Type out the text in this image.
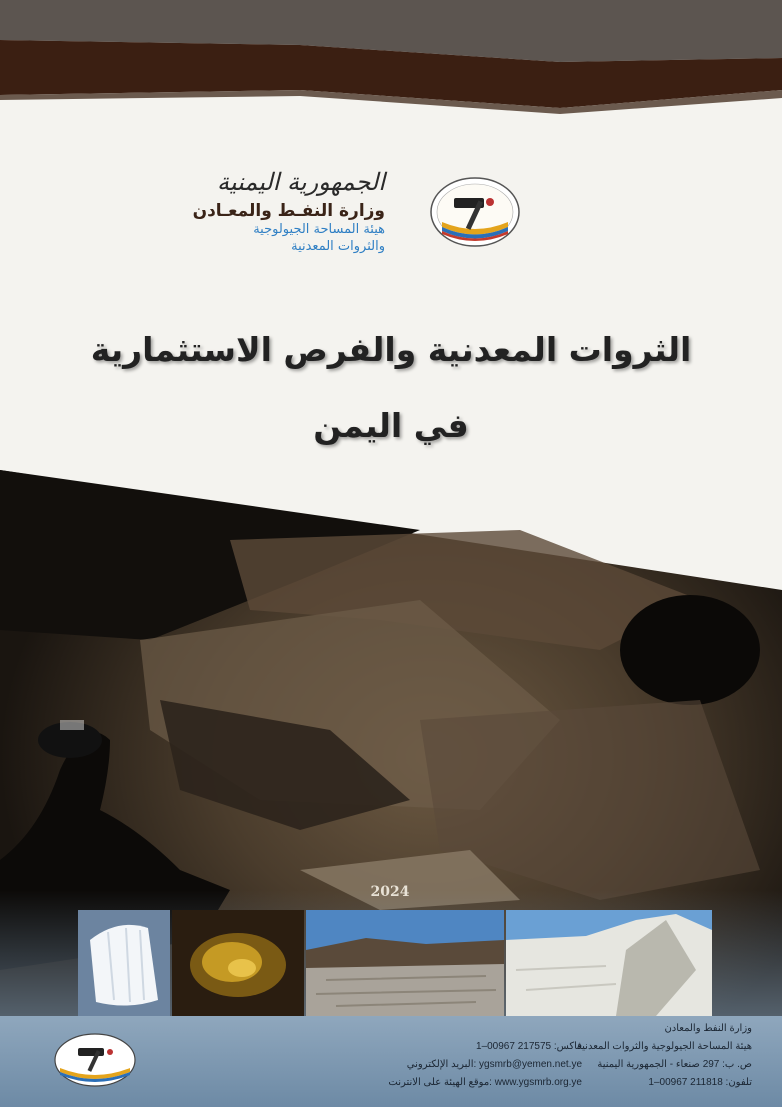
الجمهورية اليمنية
وزارة النفـط والمعـادن
هيئة المساحة الجيولوجية
والثروات المعدنية
الثروات المعدنية والفرص الاستثمارية
في اليمن
2024
وزارة النفط والمعادن
هيئة المساحة الجيولوجية والثروات المعدنية
ص. ب: 297 صنعاء - الجمهورية اليمنية
تلفون: 211818 00967–1
فاكس: 217575 00967–1
ygsmrb@yemen.net.ye :البريد الإلكتروني
www.ygsmrb.org.ye :موقع الهيئة على الانترنت
